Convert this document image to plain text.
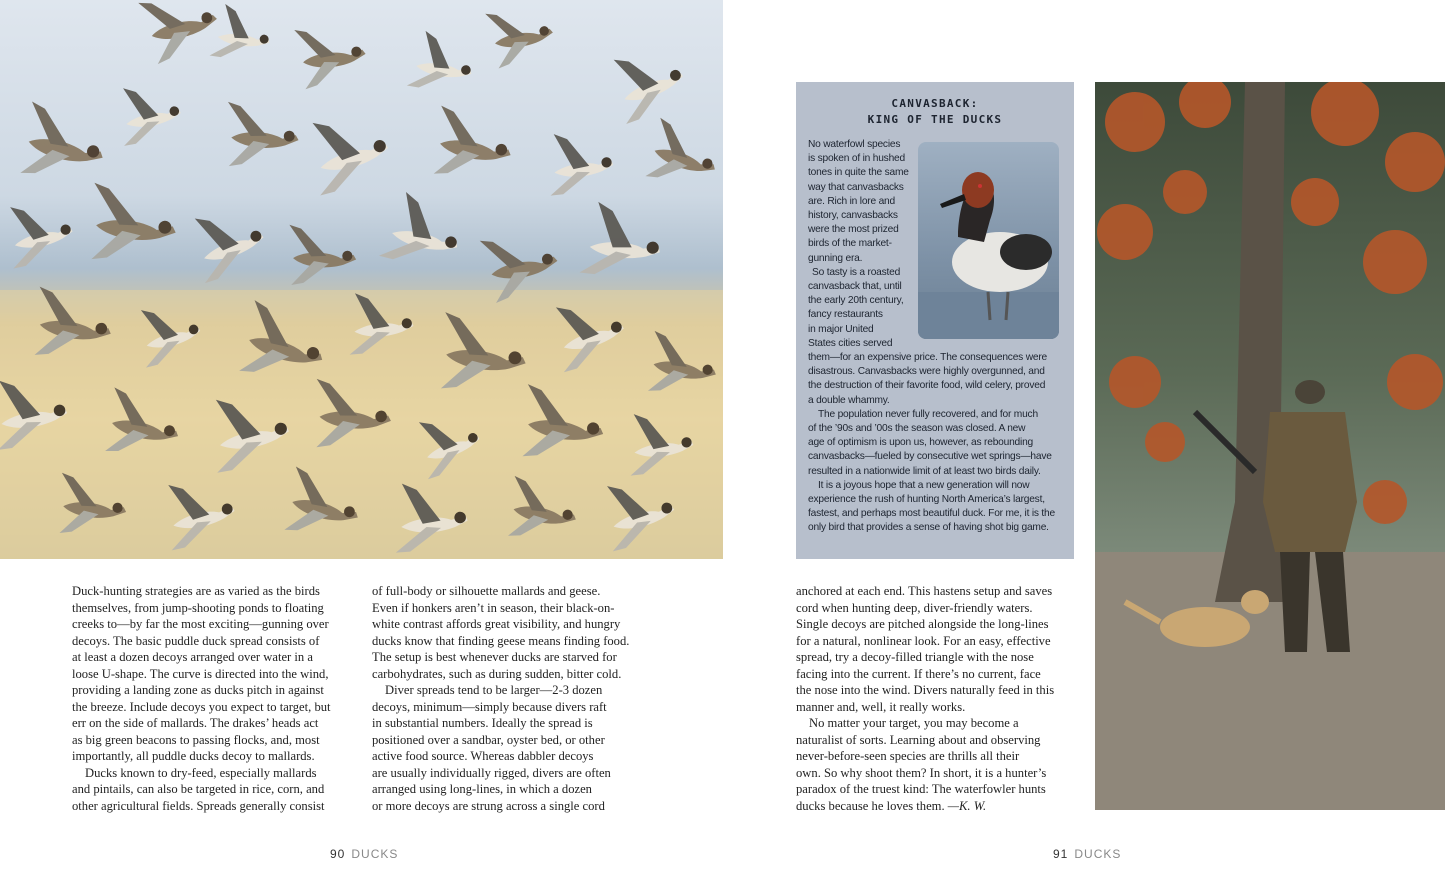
Duck-hunting strategies are as varied as the birds
themselves, from jump-shooting ponds to floating
creeks to—by far the most exciting—gunning over
decoys. The basic puddle duck spread consists of
at least a dozen decoys arranged over water in a
loose U-shape. The curve is directed into the wind,
providing a landing zone as ducks pitch in against
the breeze. Include decoys you expect to target, but
err on the side of mallards. The drakes’ heads act
as big green beacons to passing flocks, and, most
importantly, all puddle ducks decoy to mallards.
Ducks known to dry-feed, especially mallards
and pintails, can also be targeted in rice, corn, and
other agricultural fields. Spreads generally consist
of full-body or silhouette mallards and geese.
Even if honkers aren’t in season, their black-on-
white contrast affords great visibility, and hungry
ducks know that finding geese means finding food.
The setup is best whenever ducks are starved for
carbohydrates, such as during sudden, bitter cold.
Diver spreads tend to be larger—2-3 dozen
decoys, minimum—simply because divers raft
in substantial numbers. Ideally the spread is
positioned over a sandbar, oyster bed, or other
active food source. Whereas dabbler decoys
are usually individually rigged, divers are often
arranged using long-lines, in which a dozen
or more decoys are strung across a single cord
90 DUCKS
CANVASBACK:
KING OF THE DUCKS
No waterfowl species
is spoken of in hushed
tones in quite the same
way that canvasbacks
are. Rich in lore and
history, canvasbacks
were the most prized
birds of the market-
gunning era.
So tasty is a roasted
canvasback that, until
the early 20th century,
fancy restaurants
in major United
States cities served
them—for an expensive price. The consequences were
disastrous. Canvasbacks were highly overgunned, and
the destruction of their favorite food, wild celery, proved
a double whammy.
The population never fully recovered, and for much
of the ’90s and ’00s the season was closed. A new
age of optimism is upon us, however, as rebounding
canvasbacks—fueled by consecutive wet springs—have
resulted in a nationwide limit of at least two birds daily.
It is a joyous hope that a new generation will now
experience the rush of hunting North America’s largest,
fastest, and perhaps most beautiful duck. For me, it is the
only bird that provides a sense of having shot big game.
anchored at each end. This hastens setup and saves
cord when hunting deep, diver-friendly waters.
Single decoys are pitched alongside the long-lines
for a natural, nonlinear look. For an easy, effective
spread, try a decoy-filled triangle with the nose
facing into the current. If there’s no current, face
the nose into the wind. Divers naturally feed in this
manner and, well, it really works.
No matter your target, you may become a
naturalist of sorts. Learning about and observing
never-before-seen species are thrills all their
own. So why shoot them? In short, it is a hunter’s
paradox of the truest kind: The waterfowler hunts
ducks because he loves them. —K. W.
91 DUCKS
